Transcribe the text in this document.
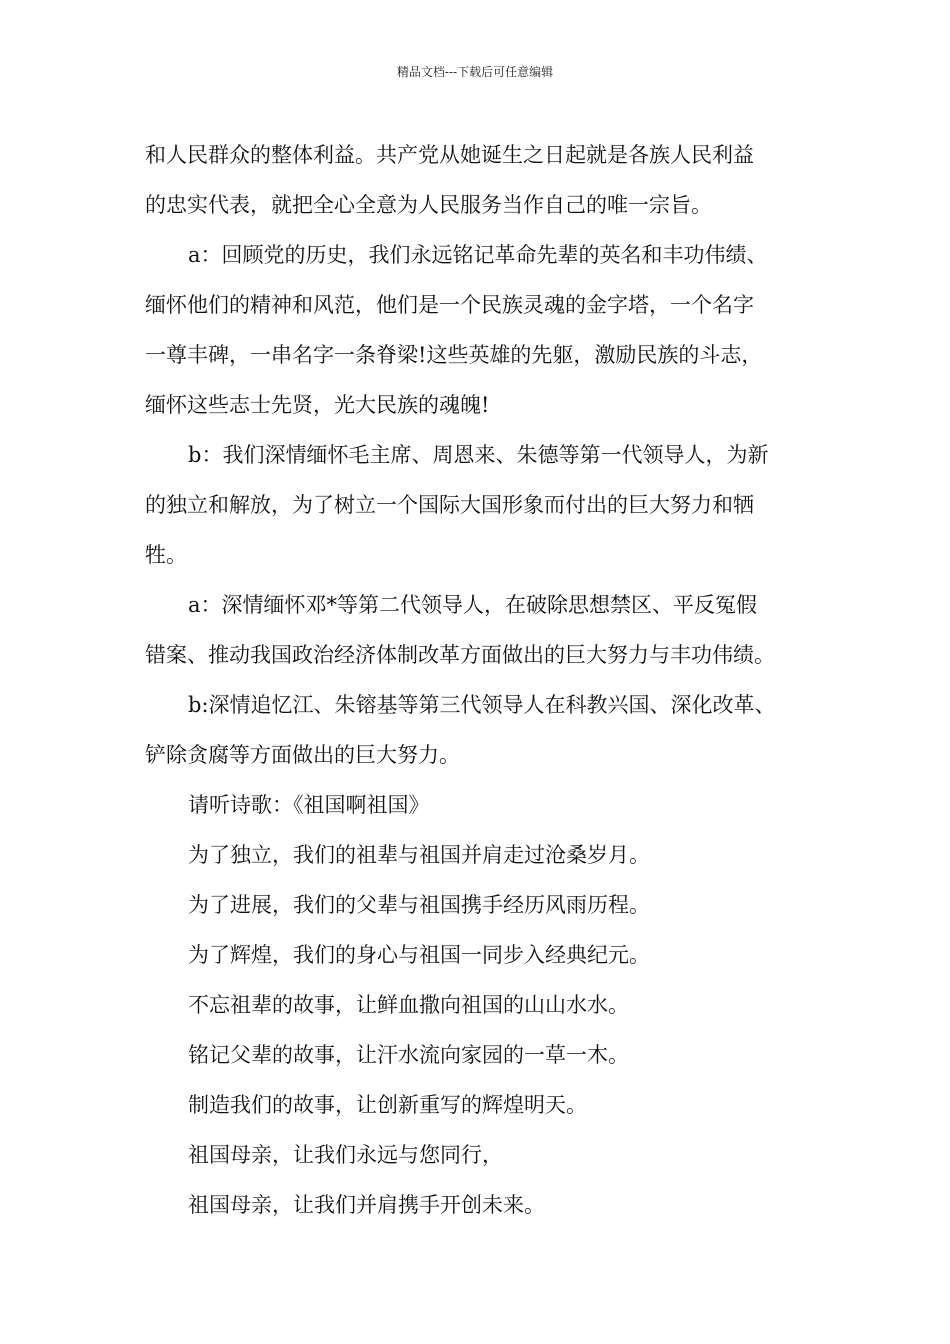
精品文档---下载后可任意编辑
和人民群众的整体利益。共产党从她诞生之日起就是各族人民利益
的忠实代表，就把全心全意为人民服务当作自己的唯一宗旨。
a：回顾党的历史，我们永远铭记革命先辈的英名和丰功伟绩、
缅怀他们的精神和风范，他们是一个民族灵魂的金字塔，一个名字
一尊丰碑，一串名字一条脊梁!这些英雄的先躯，激励民族的斗志，
缅怀这些志士先贤，光大民族的魂魄!
b：我们深情缅怀毛主席、周恩来、朱德等第一代领导人，为新
的独立和解放，为了树立一个国际大国形象而付出的巨大努力和牺
牲。
a：深情缅怀邓*等第二代领导人，在破除思想禁区、平反冤假
错案、推动我国政治经济体制改革方面做出的巨大努力与丰功伟绩。
b:深情追忆江、朱镕基等第三代领导人在科教兴国、深化改革、
铲除贪腐等方面做出的巨大努力。
请听诗歌：《祖国啊祖国》
为了独立，我们的祖辈与祖国并肩走过沧桑岁月。
为了进展，我们的父辈与祖国携手经历风雨历程。
为了辉煌，我们的身心与祖国一同步入经典纪元。
不忘祖辈的故事，让鲜血撒向祖国的山山水水。
铭记父辈的故事，让汗水流向家园的一草一木。
制造我们的故事，让创新重写的辉煌明天。
祖国母亲，让我们永远与您同行，
祖国母亲，让我们并肩携手开创未来。
